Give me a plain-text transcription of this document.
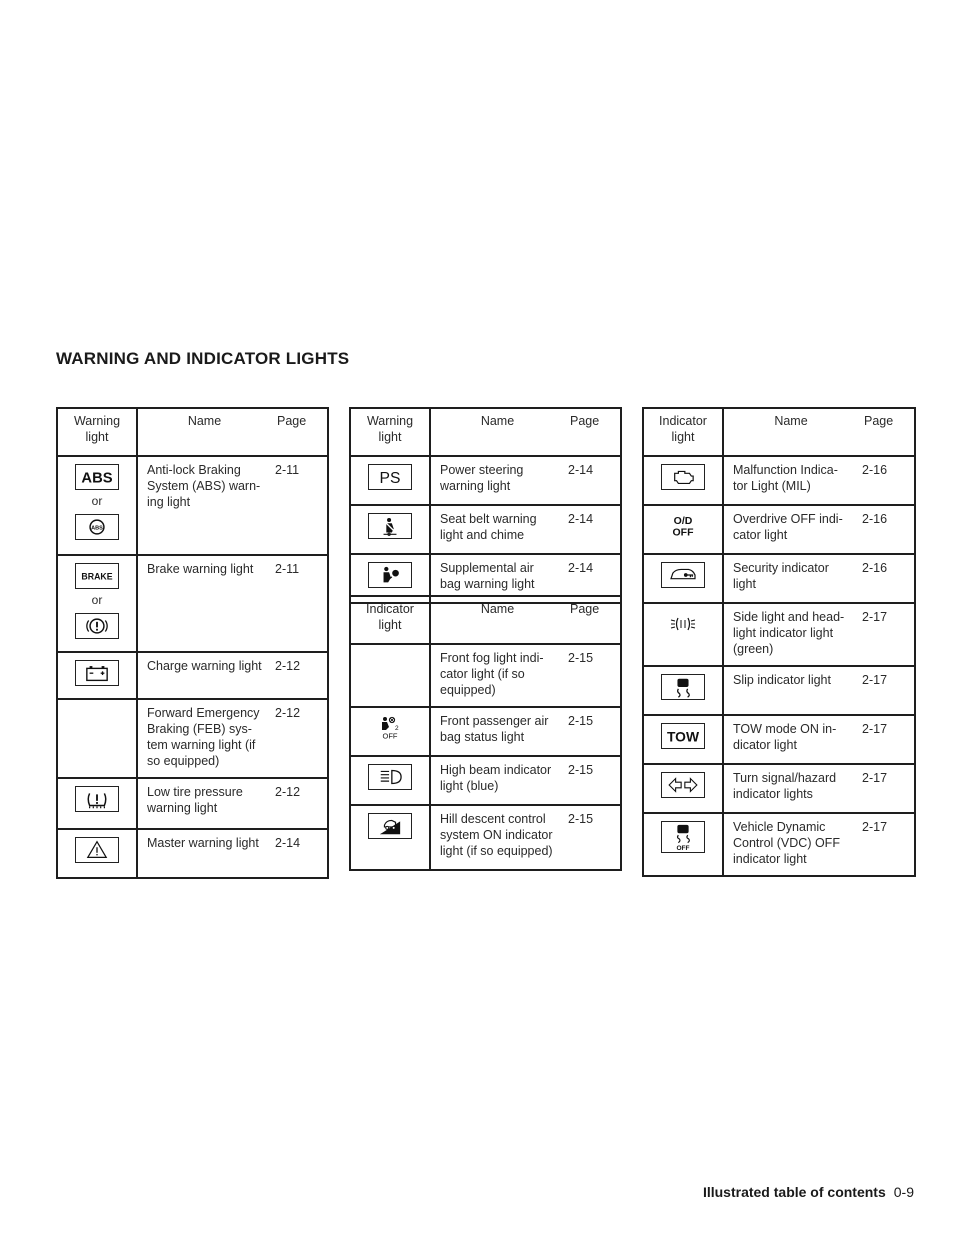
WARNING AND INDICATOR LIGHTS
Warning light	Name	Page

ABS
or
ABS	Anti-lock Braking System (ABS) warn- ing light	2-11

BRAKE
or	Brake warning light	2-11

	Charge warning light	2-12
	Forward Emergency Braking (FEB) sys- tem warning light (if so equipped)	2-12

	Low tire pressure warning light	2-12

	Master warning light	2-14
Warning light	Name	Page

PS	Power steering warning light	2-14

	Seat belt warning light and chime	2-14

	Supplemental air bag warning light	2-14
Indicator light	Name	Page
	Front fog light indi- cator light (if so equipped)	2-15

2
OFF	Front passenger air bag status light	2-15

	High beam indicator light (blue)	2-15

	Hill descent control system ON indicator light (if so equipped)	2-15
Indicator light	Name	Page

	Malfunction Indica- tor Light (MIL)	2-16

O/D
OFF	Overdrive OFF indi- cator light	2-16

	Security indicator light	2-16

	Side light and head- light indicator light (green)	2-17

	Slip indicator light	2-17

TOW	TOW mode ON in- dicator light	2-17

	Turn signal/hazard indicator lights	2-17

OFF	Vehicle Dynamic Control (VDC) OFF indicator light	2-17
Illustrated table of contents 0-9
